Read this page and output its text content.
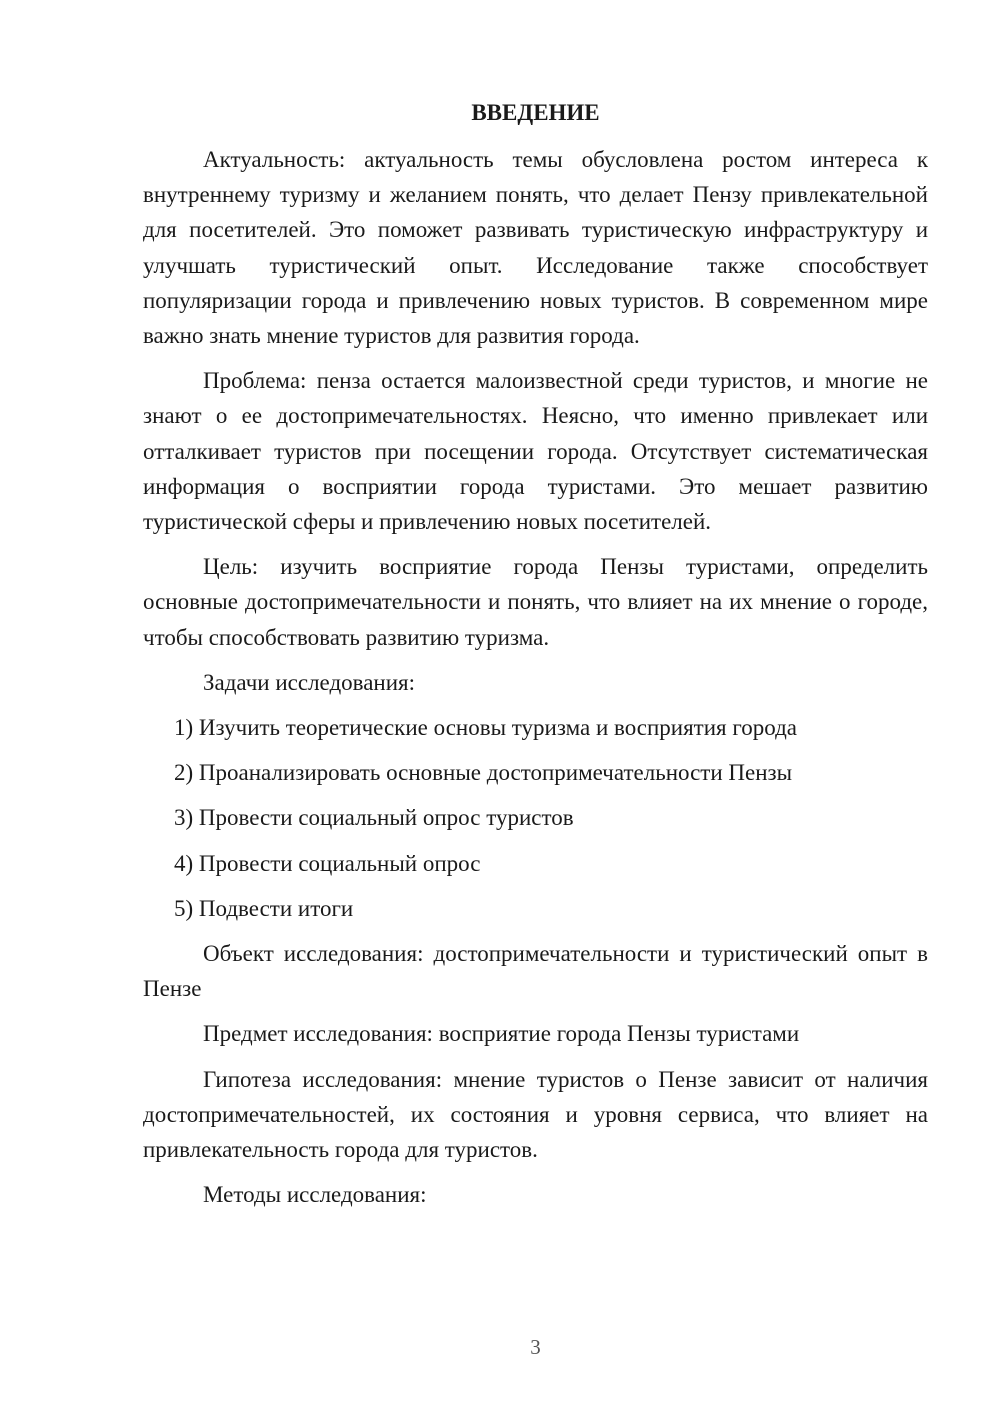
ВВЕДЕНИЕ

Актуальность: актуальность темы обусловлена ростом интереса к внутреннему туризму и желанием понять, что делает Пензу привлекательной для посетителей. Это поможет развивать туристическую инфраструктуру и улучшать туристический опыт. Исследование также способствует популяризации города и привлечению новых туристов. В современном мире важно знать мнение туристов для развития города.

Проблема: пенза остается малоизвестной среди туристов, и многие не знают о ее достопримечательностях. Неясно, что именно привлекает или отталкивает туристов при посещении города. Отсутствует систематическая информация о восприятии города туристами. Это мешает развитию туристической сферы и привлечению новых посетителей.

Цель: изучить восприятие города Пензы туристами, определить основные достопримечательности и понять, что влияет на их мнение о городе, чтобы способствовать развитию туризма.

Задачи исследования:

1) Изучить теоретические основы туризма и восприятия города

2) Проанализировать основные достопримечательности Пензы

3) Провести социальный опрос туристов

4) Провести социальный опрос

5) Подвести итоги

Объект исследования: достопримечательности и туристический опыт в Пензе

Предмет исследования: восприятие города Пензы туристами

Гипотеза исследования: мнение туристов о Пензе зависит от наличия достопримечательностей, их состояния и уровня сервиса, что влияет на привлекательность города для туристов.

Методы исследования:

3
